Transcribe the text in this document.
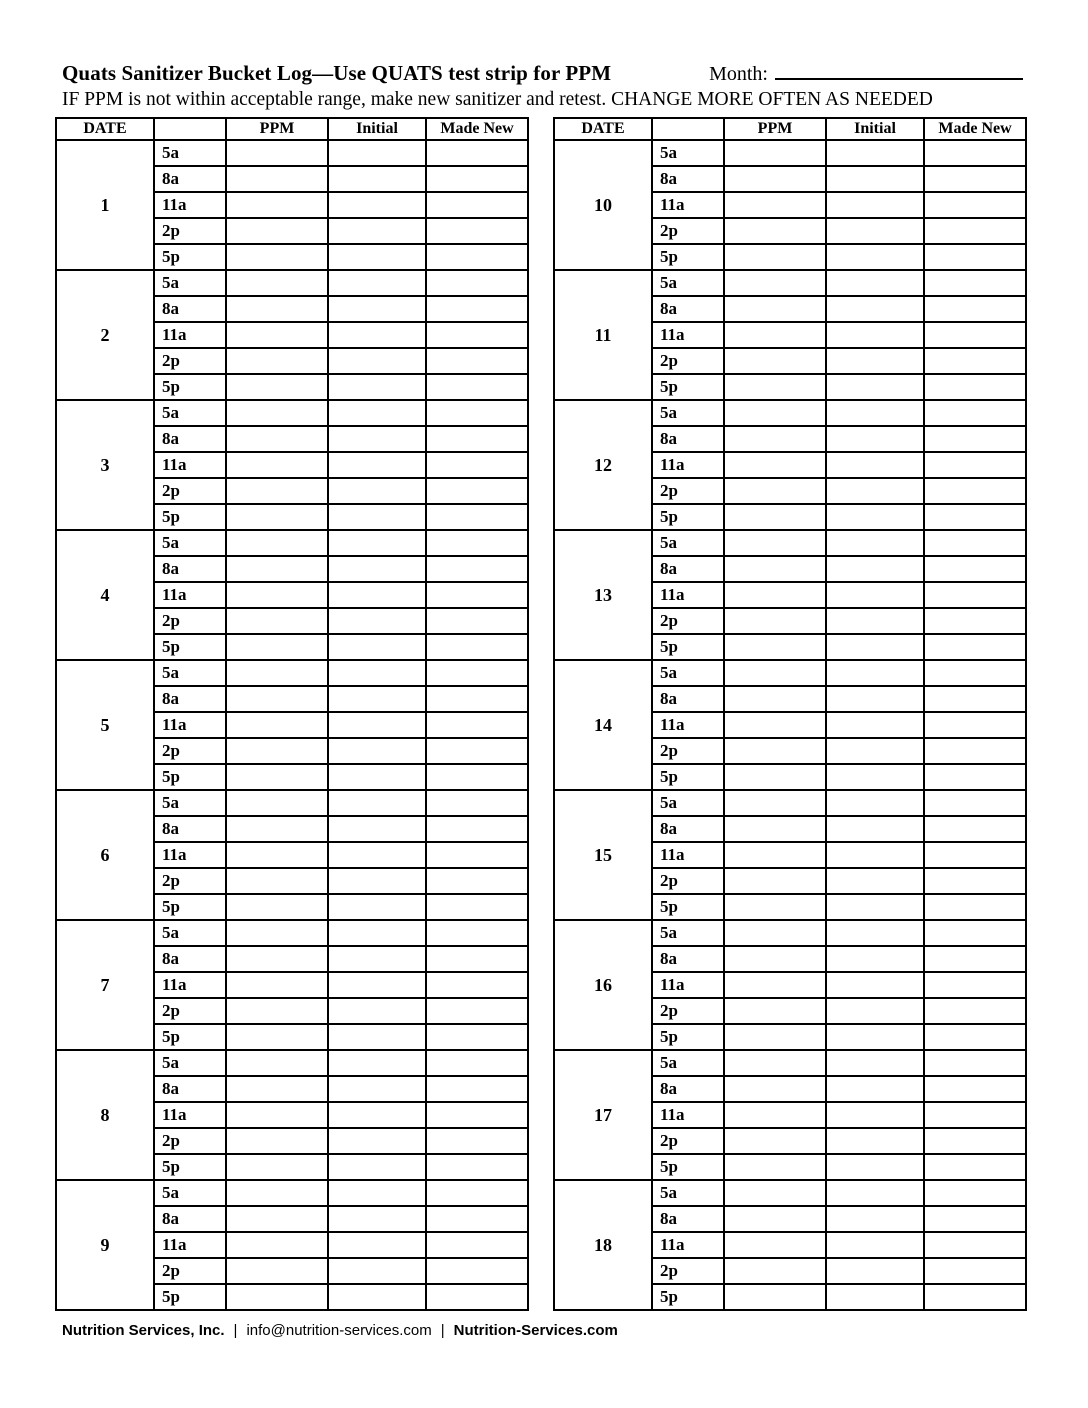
Quats Sanitizer Bucket Log—Use QUATS test strip for PPM	Month:
IF PPM is not within acceptable range, make new sanitizer and retest. CHANGE MORE OFTEN AS NEEDED
DATE		PPM	Initial	Made New
1	5a			
	8a			
	11a			
	2p			
	5p			
2	5a			
	8a			
	11a			
	2p			
	5p			
3	5a			
	8a			
	11a			
	2p			
	5p			
4	5a			
	8a			
	11a			
	2p			
	5p			
5	5a			
	8a			
	11a			
	2p			
	5p			
6	5a			
	8a			
	11a			
	2p			
	5p			
7	5a			
	8a			
	11a			
	2p			
	5p			
8	5a			
	8a			
	11a			
	2p			
	5p			
9	5a			
	8a			
	11a			
	2p			
	5p			
DATE		PPM	Initial	Made New
10	5a			
	8a			
	11a			
	2p			
	5p			
11	5a			
	8a			
	11a			
	2p			
	5p			
12	5a			
	8a			
	11a			
	2p			
	5p			
13	5a			
	8a			
	11a			
	2p			
	5p			
14	5a			
	8a			
	11a			
	2p			
	5p			
15	5a			
	8a			
	11a			
	2p			
	5p			
16	5a			
	8a			
	11a			
	2p			
	5p			
17	5a			
	8a			
	11a			
	2p			
	5p			
18	5a			
	8a			
	11a			
	2p			
	5p			
Nutrition Services, Inc. | info@nutrition-services.com | Nutrition-Services.com
